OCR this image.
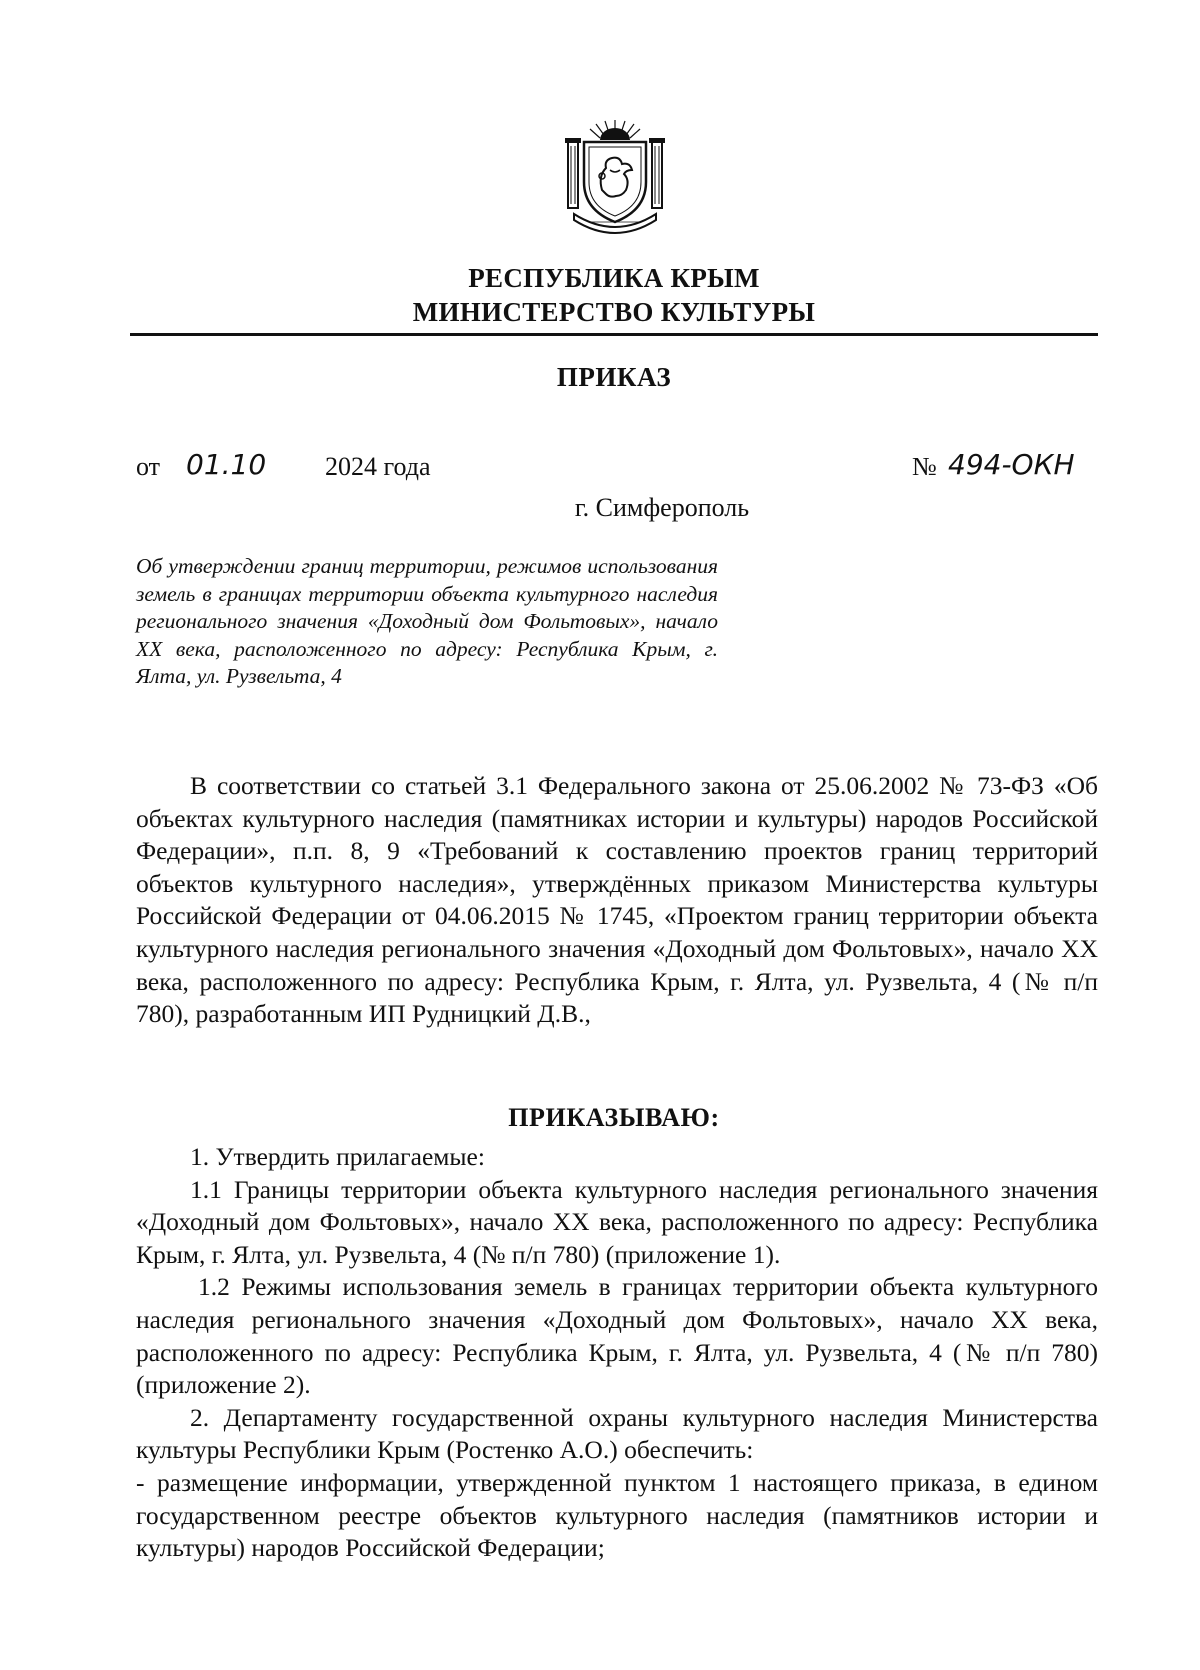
РЕСПУБЛИКА КРЫМ
МИНИСТЕРСТВО КУЛЬТУРЫ
ПРИКАЗ
от 01.10 2024 года	№ 494-ОКН
г. Симферополь
Об утверждении границ территории, режимов использования земель в границах территории объекта культурного наследия регионального значения «Доходный дом Фольтовых», начало XX века, расположенного по адресу: Республика Крым, г. Ялта, ул. Рузвельта, 4
В соответствии со статьей 3.1 Федерального закона от 25.06.2002 № 73-ФЗ «Об объектах культурного наследия (памятниках истории и культуры) народов Российской Федерации», п.п. 8, 9 «Требований к составлению проектов границ территорий объектов культурного наследия», утверждённых приказом Министерства культуры Российской Федерации от 04.06.2015 № 1745, «Проектом границ территории объекта культурного наследия регионального значения «Доходный дом Фольтовых», начало XX века, расположенного по адресу: Республика Крым, г. Ялта, ул. Рузвельта, 4 (№ п/п 780), разработанным ИП Рудницкий Д.В.,
ПРИКАЗЫВАЮ:

1. Утвердить прилагаемые:

1.1 Границы территории объекта культурного наследия регионального значения «Доходный дом Фольтовых», начало XX века, расположенного по адресу: Республика Крым, г. Ялта, ул. Рузвельта, 4 (№ п/п 780) (приложение 1).

1.2 Режимы использования земель в границах территории объекта культурного наследия регионального значения «Доходный дом Фольтовых», начало XX века, расположенного по адресу: Республика Крым, г. Ялта, ул. Рузвельта, 4 (№ п/п 780) (приложение 2).

2. Департаменту государственной охраны культурного наследия Министерства культуры Республики Крым (Ростенко А.О.) обеспечить:

- размещение информации, утвержденной пунктом 1 настоящего приказа, в едином государственном реестре объектов культурного наследия (памятников истории и культуры) народов Российской Федерации;
